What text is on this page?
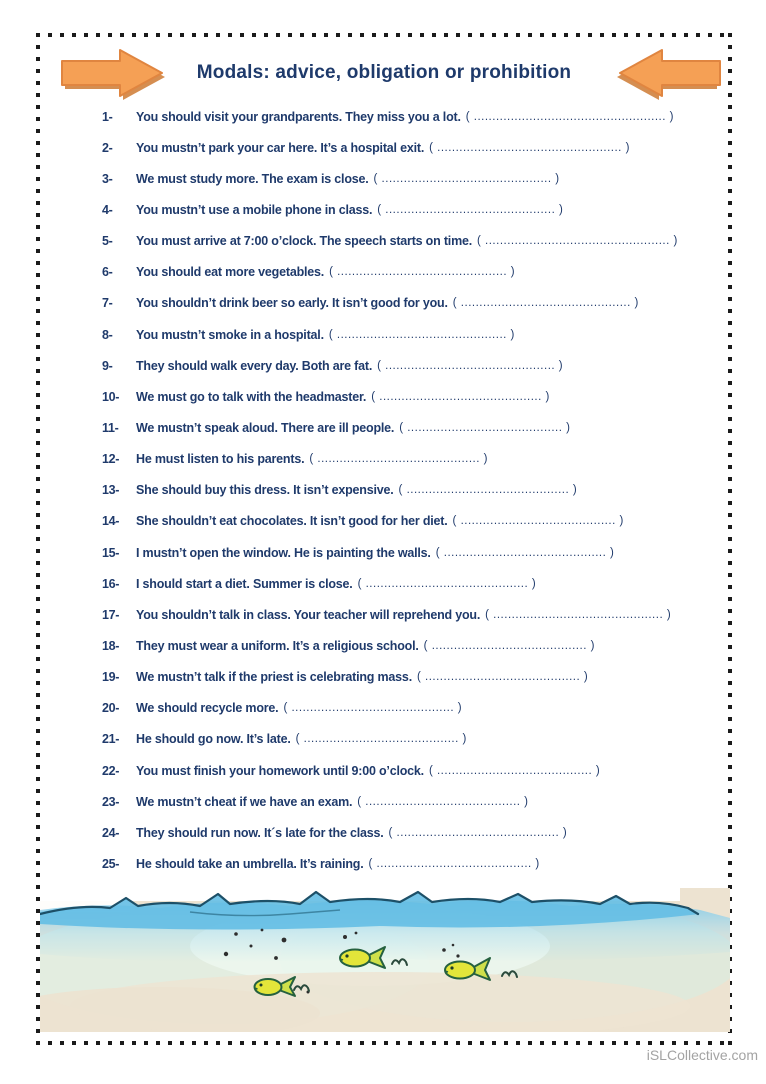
Modals: advice, obligation or prohibition
1-	You should visit your grandparents. They miss you a lot. ( .................................................... )
2-	You mustn’t park your car here. It’s a hospital exit. ( .................................................. )
3-	We must study more. The exam is close. ( .............................................. )
4-	You mustn’t use a mobile phone in class. ( .............................................. )
5-	You must arrive at 7:00 o’clock. The speech starts on time. ( .................................................. )
6-	You should eat more vegetables. ( .............................................. )
7-	You shouldn’t drink beer so early. It isn’t good for you. ( .............................................. )
8-	You mustn’t smoke in a hospital. ( .............................................. )
9-	They should walk every day. Both are fat. ( .............................................. )
10-	We must go to talk with the headmaster. ( ............................................ )
11-	We mustn’t speak aloud. There are ill people. ( .......................................... )
12-	He must listen to his parents. ( ............................................ )
13-	She should buy this dress. It isn’t expensive. ( ............................................ )
14-	She shouldn’t eat chocolates. It isn’t good for her diet. ( .......................................... )
15-	I mustn’t open the window. He is painting the walls. ( ............................................ )
16-	I should start a diet. Summer is close. ( ............................................ )
17-	You shouldn’t talk in class. Your teacher will reprehend you. ( .............................................. )
18-	They must wear a uniform. It’s a religious school. ( .......................................... )
19-	We mustn’t talk if the priest is celebrating mass. ( .......................................... )
20-	We should recycle more. ( ............................................ )
21-	He should go now. It’s late. ( .......................................... )
22-	You must finish your homework until 9:00 o’clock. ( .......................................... )
23-	We mustn’t cheat if we have an exam. ( .......................................... )
24-	They should run now. It´s late for the class. ( ............................................ )
25-	He should take an umbrella. It’s raining. ( .......................................... )
iSLCollective.com
